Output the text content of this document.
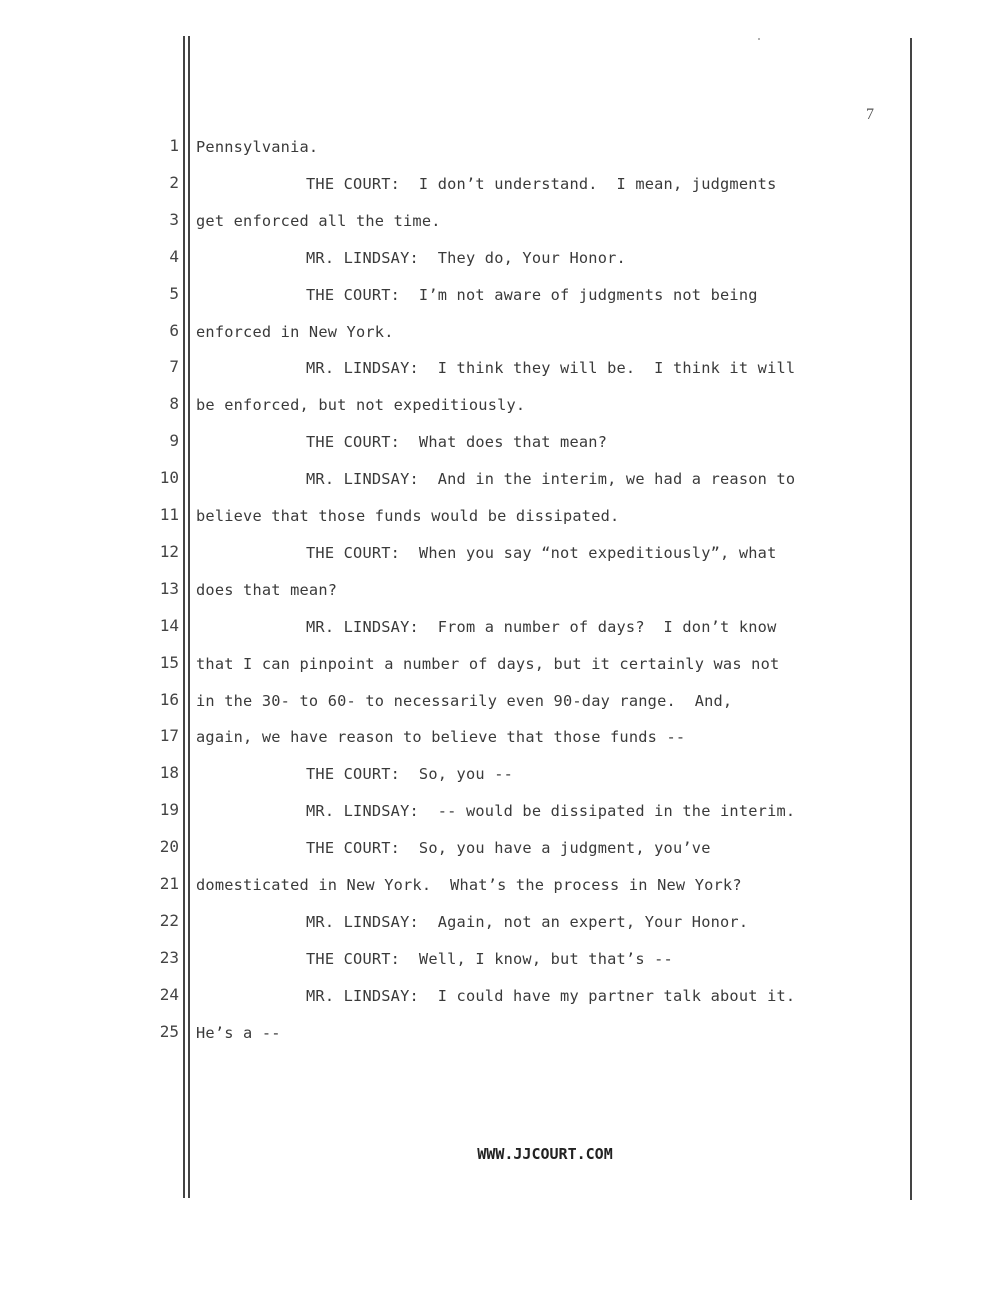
7
1
2
3
4
5
6
7
8
9
10
11
12
13
14
15
16
17
18
19
20
21
22
23
24
25
Pennsylvania.
THE COURT:  I don’t understand.  I mean, judgments
get enforced all the time.
MR. LINDSAY:  They do, Your Honor.
THE COURT:  I’m not aware of judgments not being
enforced in New York.
MR. LINDSAY:  I think they will be.  I think it will
be enforced, but not expeditiously.
THE COURT:  What does that mean?
MR. LINDSAY:  And in the interim, we had a reason to
believe that those funds would be dissipated.
THE COURT:  When you say “not expeditiously”, what
does that mean?
MR. LINDSAY:  From a number of days?  I don’t know
that I can pinpoint a number of days, but it certainly was not
in the 30- to 60- to necessarily even 90-day range.  And,
again, we have reason to believe that those funds --
THE COURT:  So, you --
MR. LINDSAY:  -- would be dissipated in the interim.
THE COURT:  So, you have a judgment, you’ve
domesticated in New York.  What’s the process in New York?
MR. LINDSAY:  Again, not an expert, Your Honor.
THE COURT:  Well, I know, but that’s --
MR. LINDSAY:  I could have my partner talk about it.
He’s a --
WWW.JJCOURT.COM
